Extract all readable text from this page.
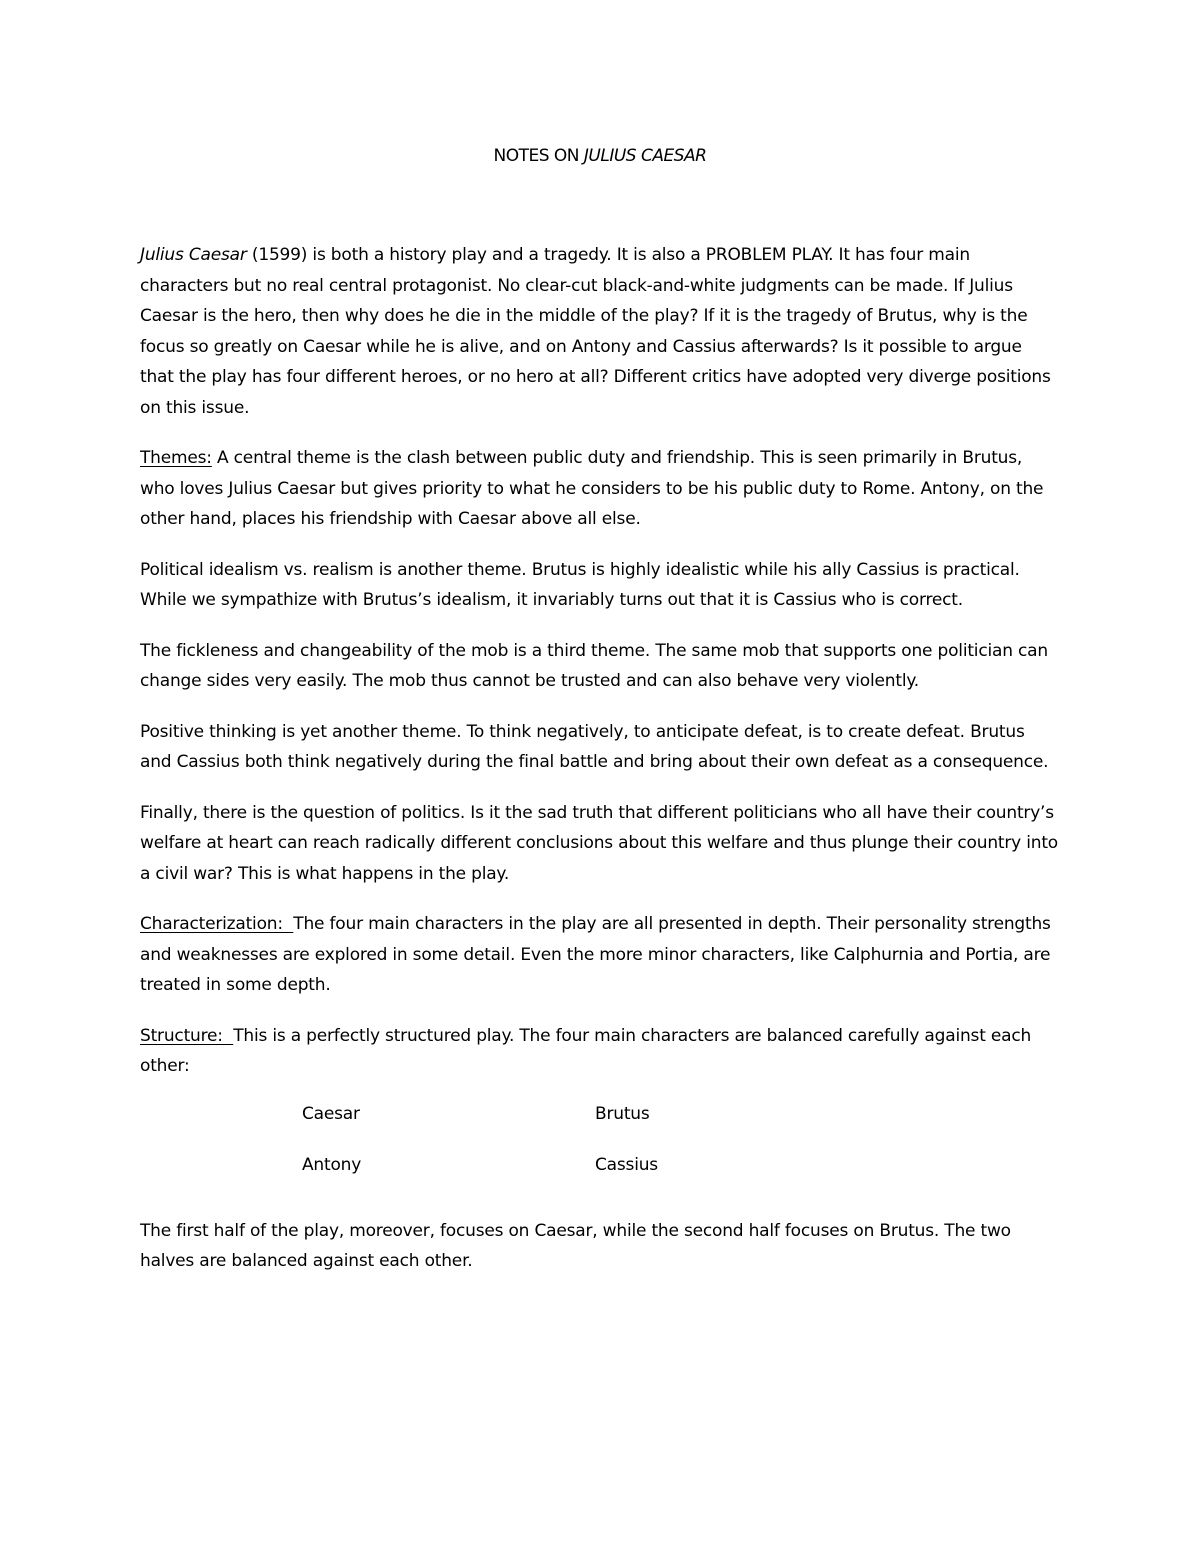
NOTES ON JULIUS CAESAR

Julius Caesar (1599) is both a history play and a tragedy. It is also a PROBLEM PLAY. It has four main characters but no real central protagonist. No clear-cut black-and-white judgments can be made. If Julius Caesar is the hero, then why does he die in the middle of the play? If it is the tragedy of Brutus, why is the focus so greatly on Caesar while he is alive, and on Antony and Cassius afterwards? Is it possible to argue that the play has four different heroes, or no hero at all? Different critics have adopted very diverge positions on this issue.

Themes: A central theme is the clash between public duty and friendship. This is seen primarily in Brutus, who loves Julius Caesar but gives priority to what he considers to be his public duty to Rome. Antony, on the other hand, places his friendship with Caesar above all else.

Political idealism vs. realism is another theme. Brutus is highly idealistic while his ally Cassius is practical. While we sympathize with Brutus’s idealism, it invariably turns out that it is Cassius who is correct.

The fickleness and changeability of the mob is a third theme. The same mob that supports one politician can change sides very easily. The mob thus cannot be trusted and can also behave very violently.

Positive thinking is yet another theme. To think negatively, to anticipate defeat, is to create defeat. Brutus and Cassius both think negatively during the final battle and bring about their own defeat as a consequence.

Finally, there is the question of politics. Is it the sad truth that different politicians who all have their country’s welfare at heart can reach radically different conclusions about this welfare and thus plunge their country into a civil war? This is what happens in the play.

Characterization:  The four main characters in the play are all presented in depth. Their personality strengths and weaknesses are explored in some detail. Even the more minor characters, like Calphurnia and Portia, are treated in some depth.

Structure:  This is a perfectly structured play. The four main characters are balanced carefully against each other:

Caesar	Brutus
Antony	Cassius

The first half of the play, moreover, focuses on Caesar, while the second half focuses on Brutus. The two halves are balanced against each other.
